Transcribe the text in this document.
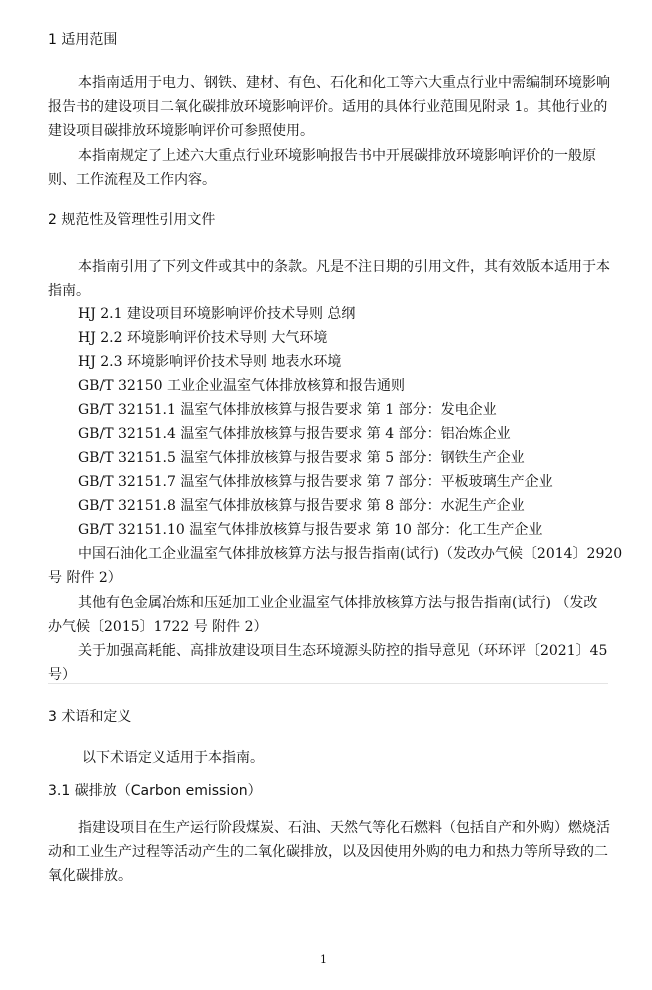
1 适用范围
本指南适用于电力、钢铁、建材、有色、石化和化工等六大重点行业中需编制环境影响
报告书的建设项目二氧化碳排放环境影响评价。适用的具体行业范围见附录 1。其他行业的
建设项目碳排放环境影响评价可参照使用。
本指南规定了上述六大重点行业环境影响报告书中开展碳排放环境影响评价的一般原
则、工作流程及工作内容。
2 规范性及管理性引用文件
本指南引用了下列文件或其中的条款。凡是不注日期的引用文件，其有效版本适用于本
指南。
HJ 2.1 建设项目环境影响评价技术导则 总纲
HJ 2.2 环境影响评价技术导则 大气环境
HJ 2.3 环境影响评价技术导则 地表水环境
GB/T 32150 工业企业温室气体排放核算和报告通则
GB/T 32151.1 温室气体排放核算与报告要求 第 1 部分：发电企业
GB/T 32151.4 温室气体排放核算与报告要求 第 4 部分：铝冶炼企业
GB/T 32151.5 温室气体排放核算与报告要求 第 5 部分：钢铁生产企业
GB/T 32151.7 温室气体排放核算与报告要求 第 7 部分：平板玻璃生产企业
GB/T 32151.8 温室气体排放核算与报告要求 第 8 部分：水泥生产企业
GB/T 32151.10 温室气体排放核算与报告要求 第 10 部分：化工生产企业
中国石油化工企业温室气体排放核算方法与报告指南(试行)（发改办气候〔2014〕2920
号 附件 2）
其他有色金属冶炼和压延加工业企业温室气体排放核算方法与报告指南(试行) （发改
办气候〔2015〕1722 号 附件 2）
关于加强高耗能、高排放建设项目生态环境源头防控的指导意见（环环评〔2021〕45
号）
3 术语和定义
以下术语定义适用于本指南。
3.1 碳排放（Carbon emission）
指建设项目在生产运行阶段煤炭、石油、天然气等化石燃料（包括自产和外购）燃烧活
动和工业生产过程等活动产生的二氧化碳排放，以及因使用外购的电力和热力等所导致的二
氧化碳排放。
1
